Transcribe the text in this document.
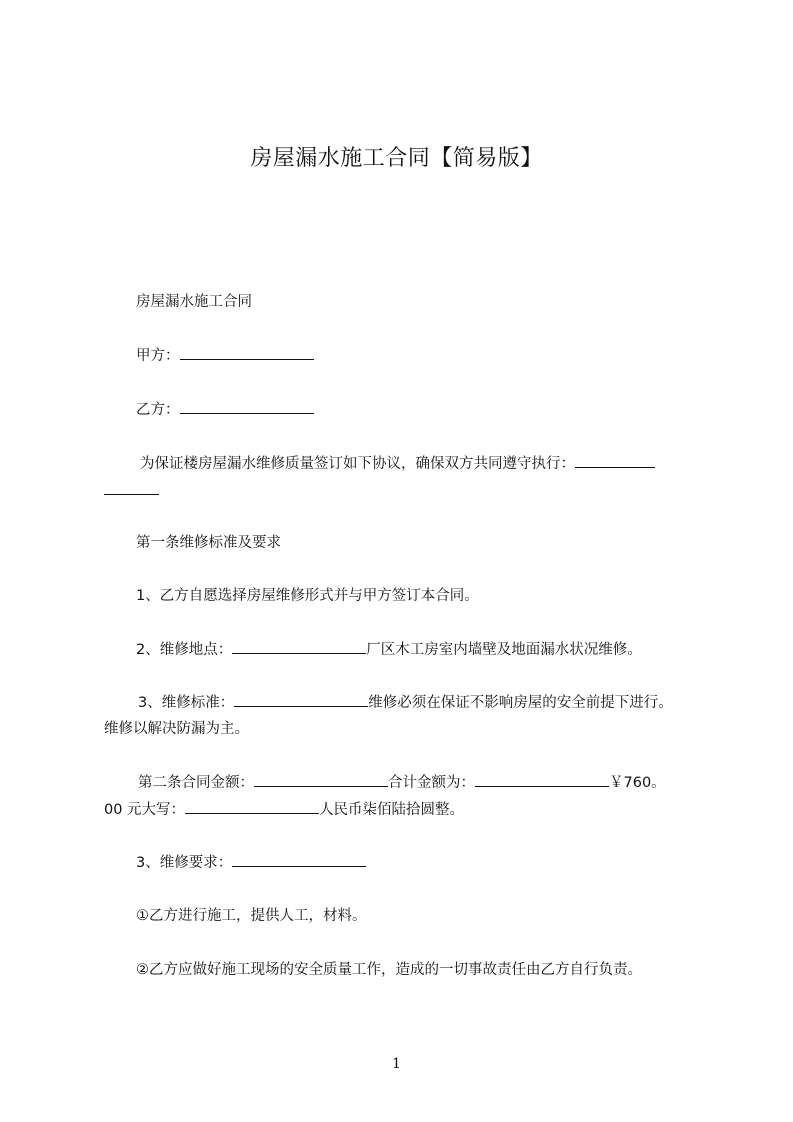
房屋漏水施工合同【简易版】
房屋漏水施工合同
甲方：
乙方：
为保证楼房屋漏水维修质量签订如下协议，确保双方共同遵守执行：
第一条维修标准及要求
1、乙方自愿选择房屋维修形式并与甲方签订本合同。
2、维修地点：	厂区木工房室内墙壁及地面漏水状况维修。
3、维修标准：	维修必须在保证不影响房屋的安全前提下进行。
维修以解决防漏为主。
第二条合同金额：	合计金额为：	￥760。
00 元大写：	人民币柒佰陆拾圆整。
3、维修要求：
①乙方进行施工，提供人工，材料。
②乙方应做好施工现场的安全质量工作，造成的一切事故责任由乙方自行负责。
1
